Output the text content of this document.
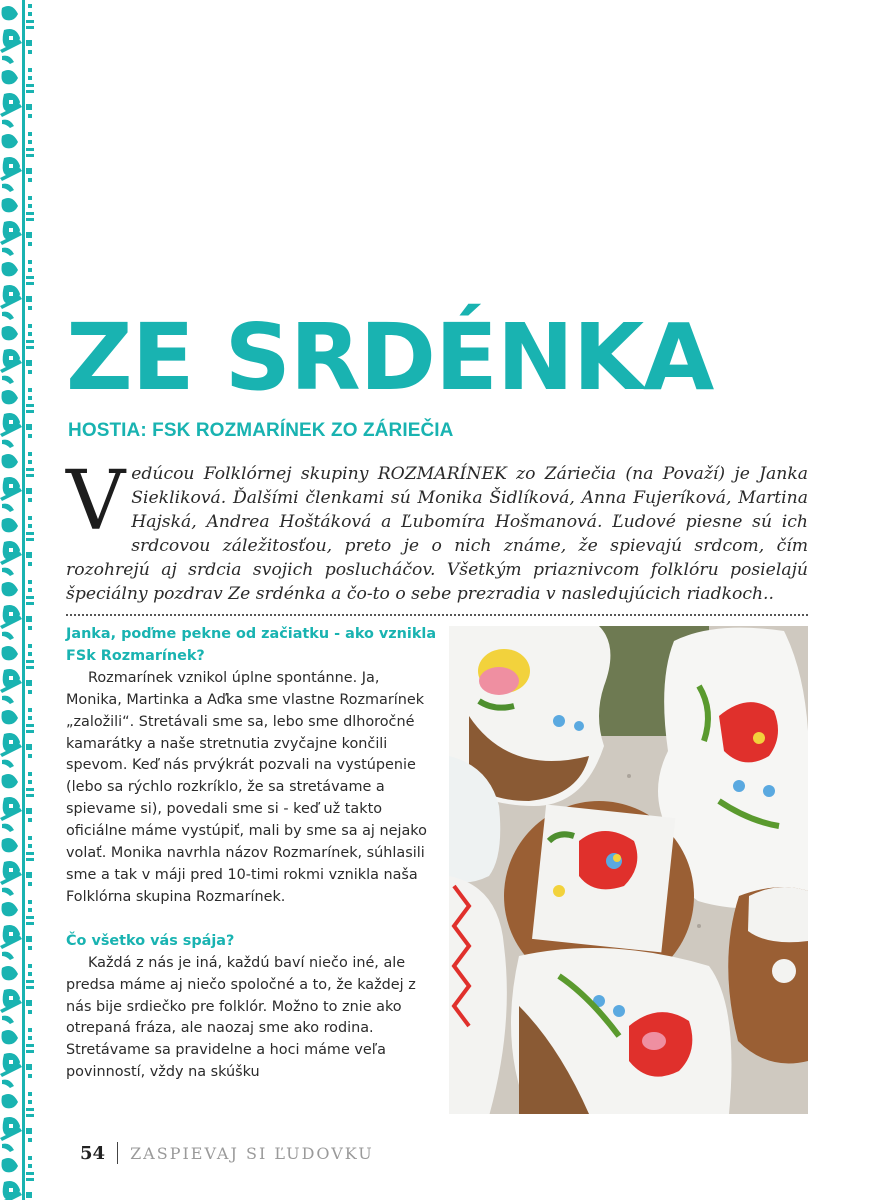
ZE SRDÉNKA
HOSTIA: FSK ROZMARÍNEK ZO ZÁRIEČIA
V edúcou Folklórnej skupiny ROZMARÍNEK zo Záriečia (na Považí) je Janka Siekliková. Ďalšími členkami sú Monika Šidlíková, Anna Fujeríková, Martina Hajská, Andrea Hoštáková a Ľubomíra Hošmanová. Ľudové piesne sú ich srdcovou záležitosťou, preto je o nich známe, že spievajú srdcom, čím rozohrejú aj srdcia svojich poslucháčov. Všetkým priaznivcom folklóru posielajú špeciálny pozdrav Ze srdénka a čo-to o sebe prezradia v nasledujúcich riadkoch..

Janka, poďme pekne od začiatku - ako vznikla FSk Rozmarínek?

Rozmarínek vznikol úplne spontánne. Ja, Monika, Martinka a Aďka sme vlastne Rozmarínek „založili“. Stretávali sme sa, lebo sme dlhoročné kamarátky a naše stretnutia zvyčajne končili spevom. Keď nás prvýkrát pozvali na vystúpenie (lebo sa rýchlo rozkríklo, že sa stretávame a spievame si), povedali sme si - keď už takto oficiálne máme vystúpiť, mali by sme sa aj nejako volať. Monika navrhla názov Rozmarínek, súhlasili sme a tak v máji pred 10-timi rokmi vznikla naša Folklórna skupina Rozmarínek.

Čo všetko vás spája?

Každá z nás je iná, každú baví niečo iné, ale predsa máme aj niečo spoločné a to, že každej z nás bije srdiečko pre folklór. Možno to znie ako otrepaná fráza, ale naozaj sme ako rodina. Stretávame sa pravidelne a hoci máme veľa povinností, vždy na skúšku

54 ZASPIEVAJ SI ĽUDOVKU
